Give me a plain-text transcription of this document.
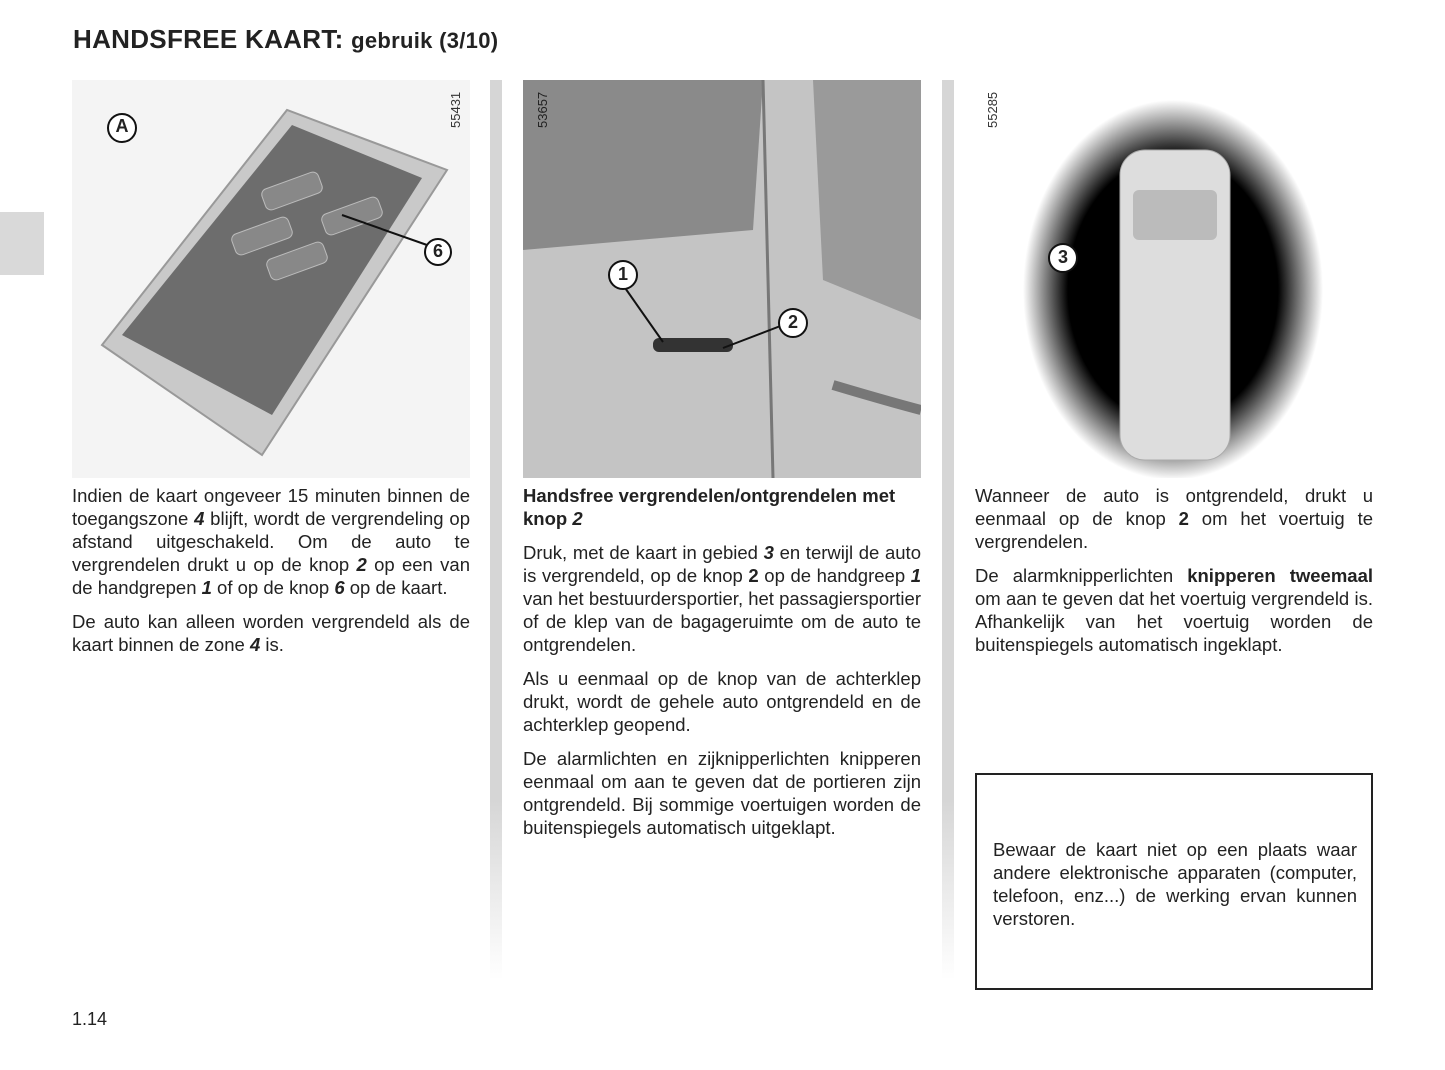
HANDSFREE KAART: gebruik (3/10)
A
6
55431
1
2
53657
3
55285

Indien de kaart ongeveer 15 minuten binnen de toegangszone 4 blijft, wordt de vergrendeling op afstand uitgeschakeld. Om de auto te vergrendelen drukt u op de knop 2 op een van de handgrepen 1 of op de knop 6 op de kaart.

De auto kan alleen worden vergrendeld als de kaart binnen de zone 4 is.

Handsfree vergrendelen/ontgrendelen met knop 2

Druk, met de kaart in gebied 3 en terwijl de auto is vergrendeld, op de knop 2 op de handgreep 1 van het bestuurdersportier, het passagiersportier of de klep van de bagageruimte om de auto te ontgrendelen.

Als u eenmaal op de knop van de achterklep drukt, wordt de gehele auto ontgrendeld en de achterklep geopend.

De alarmlichten en zijknipperlichten knipperen eenmaal om aan te geven dat de portieren zijn ontgrendeld. Bij sommige voertuigen worden de buitenspiegels automatisch uitgeklapt.

Wanneer de auto is ontgrendeld, drukt u eenmaal op de knop 2 om het voertuig te vergrendelen.

De alarmknipperlichten knipperen tweemaal om aan te geven dat het voertuig vergrendeld is. Afhankelijk van het voertuig worden de buitenspiegels automatisch ingeklapt.

Bewaar de kaart niet op een plaats waar andere elektronische apparaten (computer, telefoon, enz...) de werking ervan kunnen verstoren.

1.14
